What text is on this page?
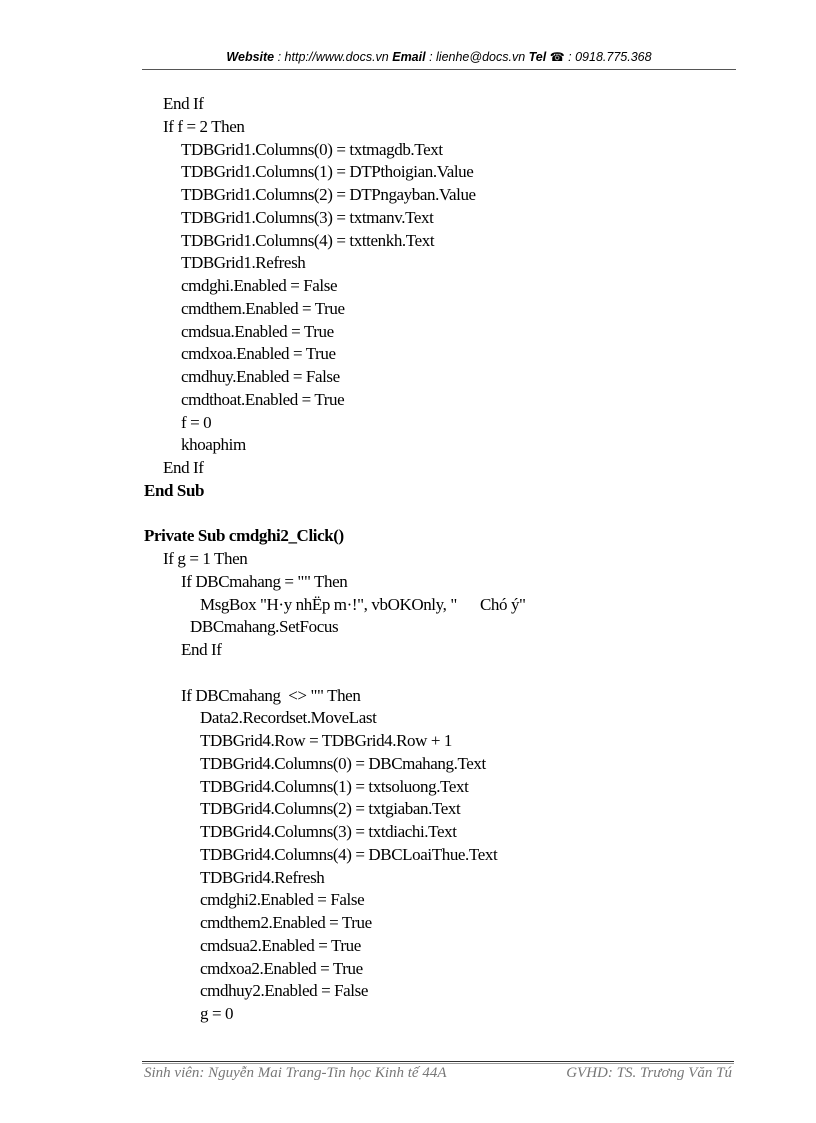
Website : http://www.docs.vn Email : lienhe@docs.vn Tel ☎ : 0918.775.368
End If
If f = 2 Then
TDBGrid1.Columns(0) = txtmagdb.Text
TDBGrid1.Columns(1) = DTPthoigian.Value
TDBGrid1.Columns(2) = DTPngayban.Value
TDBGrid1.Columns(3) = txtmanv.Text
TDBGrid1.Columns(4) = txttenkh.Text
TDBGrid1.Refresh
cmdghi.Enabled = False
cmdthem.Enabled = True
cmdsua.Enabled = True
cmdxoa.Enabled = True
cmdhuy.Enabled = False
cmdthoat.Enabled = True
f = 0
khoaphim
End If
End Sub
Private Sub cmdghi2_Click()
If g = 1 Then
If DBCmahang = "" Then
MsgBox "H·y nhËp m·!", vbOKOnly, "      Chó ý"
DBCmahang.SetFocus
End If
If DBCmahang  <> "" Then
Data2.Recordset.MoveLast
TDBGrid4.Row = TDBGrid4.Row + 1
TDBGrid4.Columns(0) = DBCmahang.Text
TDBGrid4.Columns(1) = txtsoluong.Text
TDBGrid4.Columns(2) = txtgiaban.Text
TDBGrid4.Columns(3) = txtdiachi.Text
TDBGrid4.Columns(4) = DBCLoaiThue.Text
TDBGrid4.Refresh
cmdghi2.Enabled = False
cmdthem2.Enabled = True
cmdsua2.Enabled = True
cmdxoa2.Enabled = True
cmdhuy2.Enabled = False
g = 0
Sinh viên: Nguyễn Mai Trang-Tin học Kinh tế 44A	GVHD: TS. Trương Văn Tú
